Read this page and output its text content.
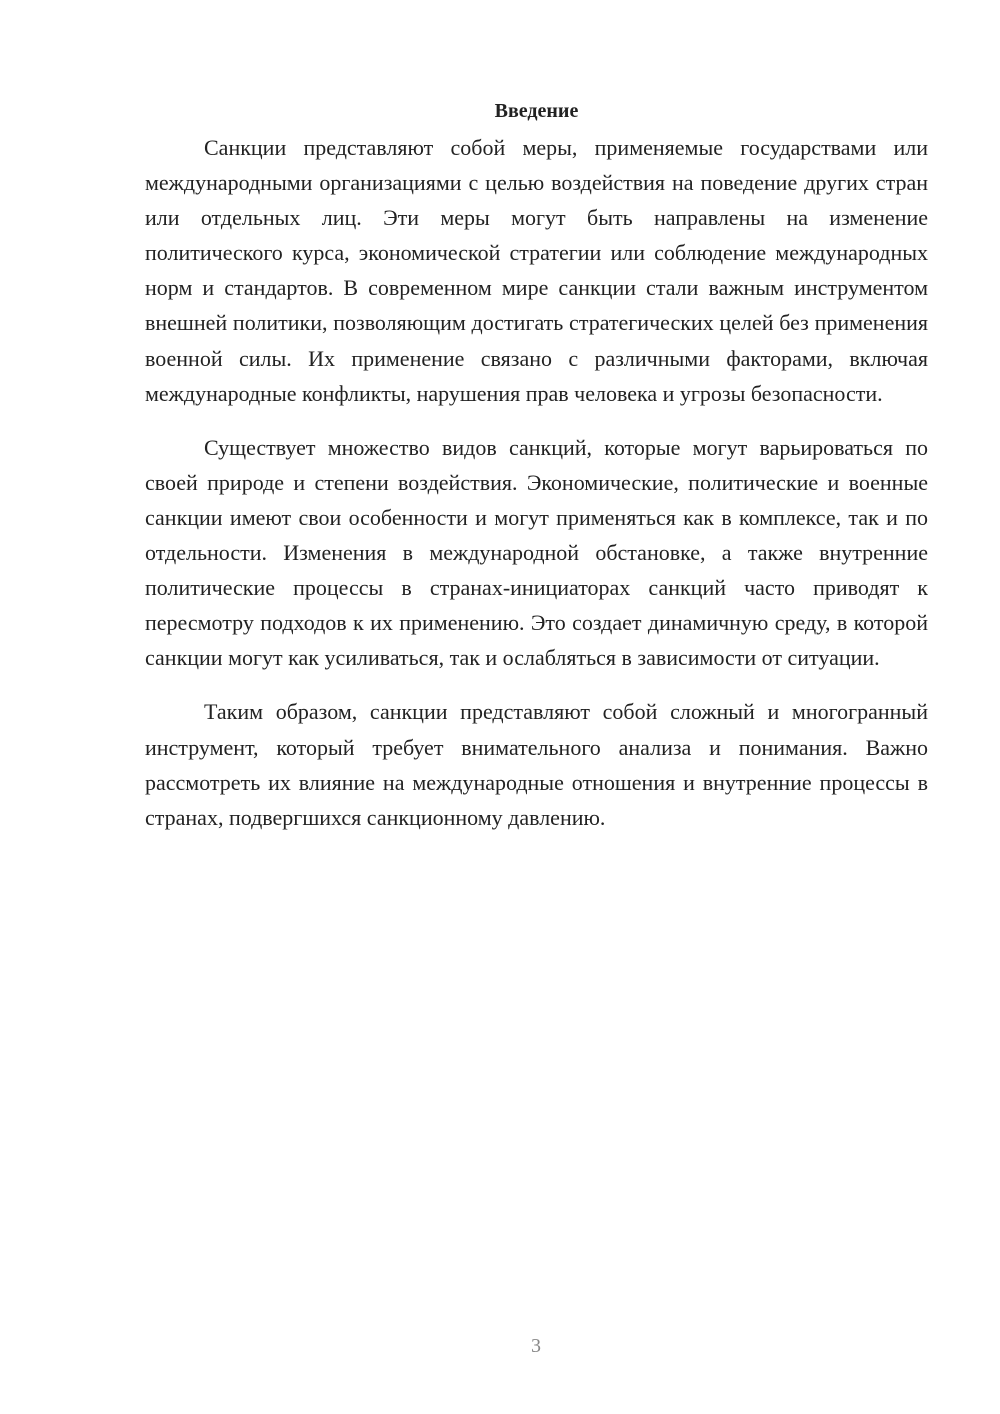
Введение

Санкции представляют собой меры, применяемые государствами или международными организациями с целью воздействия на поведение других стран или отдельных лиц. Эти меры могут быть направлены на изменение политического курса, экономической стратегии или соблюдение международных норм и стандартов. В современном мире санкции стали важным инструментом внешней политики, позволяющим достигать стратегических целей без применения военной силы. Их применение связано с различными факторами, включая международные конфликты, нарушения прав человека и угрозы безопасности.

Существует множество видов санкций, которые могут варьироваться по своей природе и степени воздействия. Экономические, политические и военные санкции имеют свои особенности и могут применяться как в комплексе, так и по отдельности. Изменения в международной обстановке, а также внутренние политические процессы в странах-инициаторах санкций часто приводят к пересмотру подходов к их применению. Это создает динамичную среду, в которой санкции могут как усиливаться, так и ослабляться в зависимости от ситуации.

Таким образом, санкции представляют собой сложный и многогранный инструмент, который требует внимательного анализа и понимания. Важно рассмотреть их влияние на международные отношения и внутренние процессы в странах, подвергшихся санкционному давлению.

3
